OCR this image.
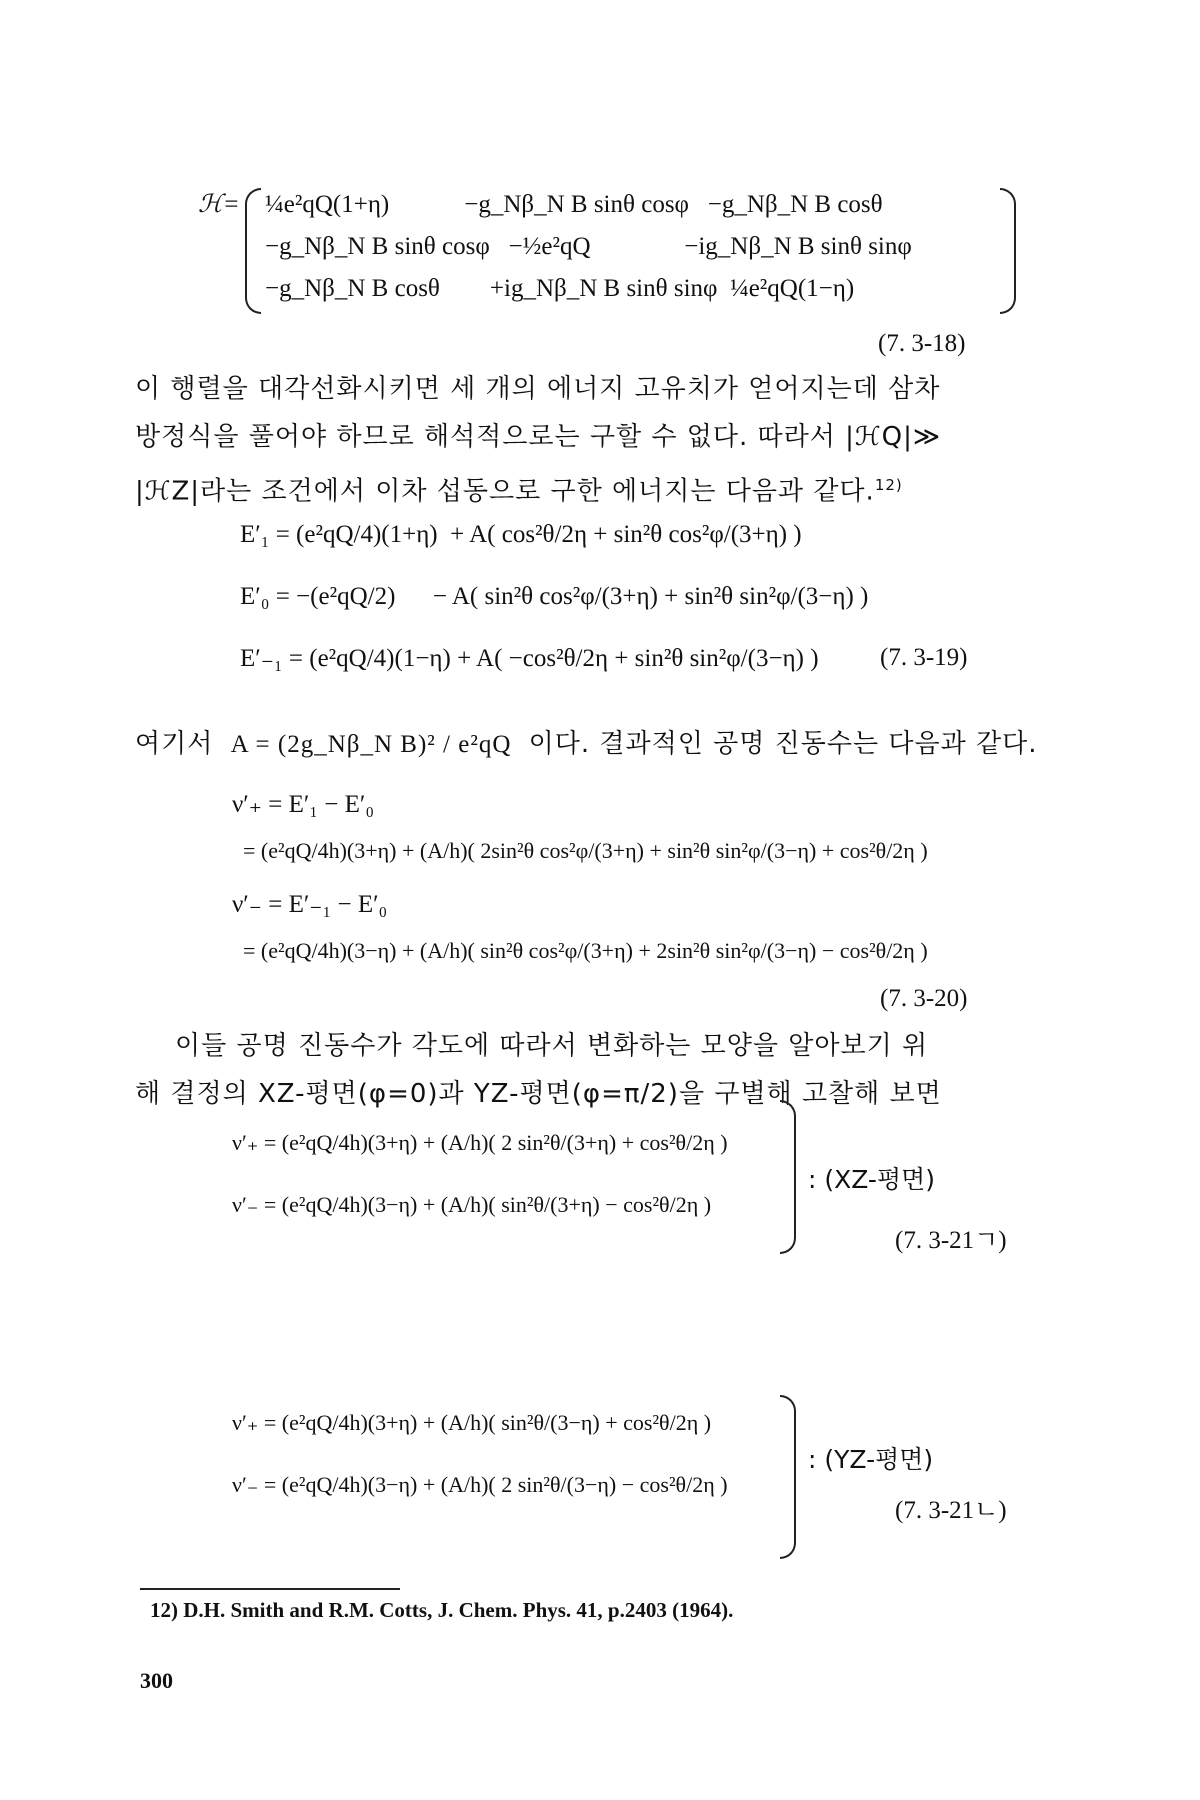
ℋ=

¼e²qQ(1+η)            −g_Nβ_N B sinθ cosφ   −g_Nβ_N B cosθ

−g_Nβ_N B sinθ cosφ   −½e²qQ               −ig_Nβ_N B sinθ sinφ

−g_Nβ_N B cosθ        +ig_Nβ_N B sinθ sinφ  ¼e²qQ(1−η)

(7. 3-18)
이 행렬을 대각선화시키면 세 개의 에너지 고유치가 얻어지는데 삼차
방정식을 풀어야 하므로 해석적으로는 구할 수 없다. 따라서 |ℋQ|≫
|ℋZ|라는 조건에서 이차 섭동으로 구한 에너지는 다음과 같다.$^{12)}$

E′₁ = (e²qQ/4)(1+η)  + A( cos²θ/2η + sin²θ cos²φ/(3+η) )

E′₀ = −(e²qQ/2)      − A( sin²θ cos²φ/(3+η) + sin²θ sin²φ/(3−η) )

E′₋₁ = (e²qQ/4)(1−η) + A( −cos²θ/2η + sin²θ sin²φ/(3−η) ) (7. 3-19)
여기서 A = (2g_Nβ_N B)² / e²qQ 이다. 결과적인 공명 진동수는 다음과 같다.

ν′₊ = E′₁ − E′₀

= (e²qQ/4h)(3+η) + (A/h)( 2sin²θ cos²φ/(3+η) + sin²θ sin²φ/(3−η) + cos²θ/2η )

ν′₋ = E′₋₁ − E′₀

= (e²qQ/4h)(3−η) + (A/h)( sin²θ cos²φ/(3+η) + 2sin²θ sin²φ/(3−η) − cos²θ/2η )

(7. 3-20)
이들 공명 진동수가 각도에 따라서 변화하는 모양을 알아보기 위
해 결정의 XZ-평면(φ=0)과 YZ-평면(φ=π/2)을 구별해 고찰해 보면

ν′₊ = (e²qQ/4h)(3+η) + (A/h)( 2 sin²θ/(3+η) + cos²θ/2η )

ν′₋ = (e²qQ/4h)(3−η) + (A/h)( sin²θ/(3+η) − cos²θ/2η )

: (XZ-평면)
(7. 3-21ㄱ)

ν′₊ = (e²qQ/4h)(3+η) + (A/h)( sin²θ/(3−η) + cos²θ/2η )

ν′₋ = (e²qQ/4h)(3−η) + (A/h)( 2 sin²θ/(3−η) − cos²θ/2η )

: (YZ-평면)
(7. 3-21ㄴ)
12) D.H. Smith and R.M. Cotts, J. Chem. Phys. 41, p.2403 (1964).
300
